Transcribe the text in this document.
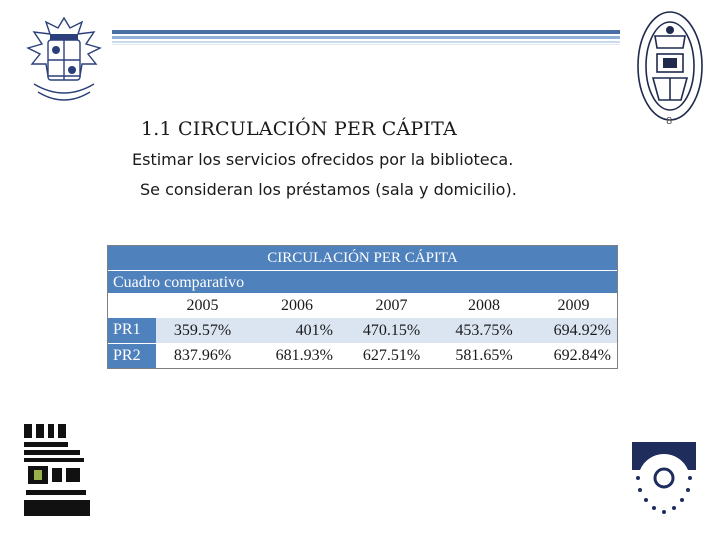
8
1.1 CIRCULACIÓN PER CÁPITA
Estimar los servicios ofrecidos por la biblioteca.
Se consideran los préstamos (sala y domicilio).
CIRCULACIÓN PER CÁPITA
Cuadro comparativo
	2005	2006	2007	2008	2009
PR1	359.57%	401%	470.15%	453.75%	694.92%
PR2	837.96%	681.93%	627.51%	581.65%	692.84%
